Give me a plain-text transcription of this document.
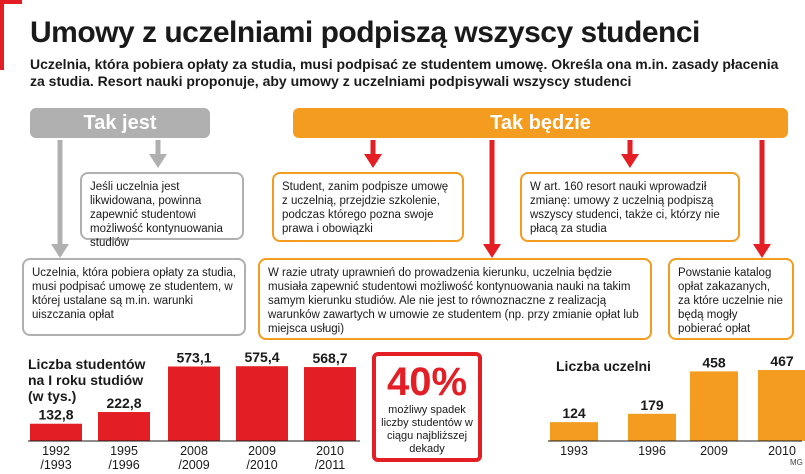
Umowy z uczelniami podpiszą wszyscy studenci
Uczelnia, która pobiera opłaty za studia, musi podpisać ze studentem umowę. Określa ona m.in. zasady płacenia za studia. Resort nauki proponuje, aby umowy z uczelniami podpisywali wszyscy studenci
Tak jest	Tak będzie
Jeśli uczelnia jest likwidowana, powinna zapewnić studentowi możliwość kontynuowania studiów
Uczelnia, która pobiera opłaty za studia, musi podpisać umowę ze studentem, w której ustalane są m.in. warunki uiszczania opłat
Student, zanim podpisze umowę z uczelnią, przejdzie szkolenie, podczas którego pozna swoje prawa i obowiązki
W art. 160 resort nauki wprowadził zmianę: umowy z uczelnią podpiszą wszyscy studenci, także ci, którzy nie płacą za studia
W razie utraty uprawnień do prowadzenia kierunku, uczelnia będzie musiała zapewnić studentowi możliwość kontynuowania nauki na takim samym kierunku studiów. Ale nie jest to równoznaczne z realizacją warunków zawartych w umowie ze studentem (np. przy zmianie opłat lub miejsca usługi)
Powstanie katalog opłat zakazanych, za które uczelnie nie będą mogły pobierać opłat
Liczba studentów na I roku studiów (w tys.)
132,8
1992
/1993
222,8
1995
/1996
573,1
2008
/2009
575,4
2009
/2010
568,7
2010
/2011
40%
możliwy spadek liczby studentów w ciągu najbliższej dekady
Liczba uczelni
124
1993
179
1996
458
2009
467
2010
MG
